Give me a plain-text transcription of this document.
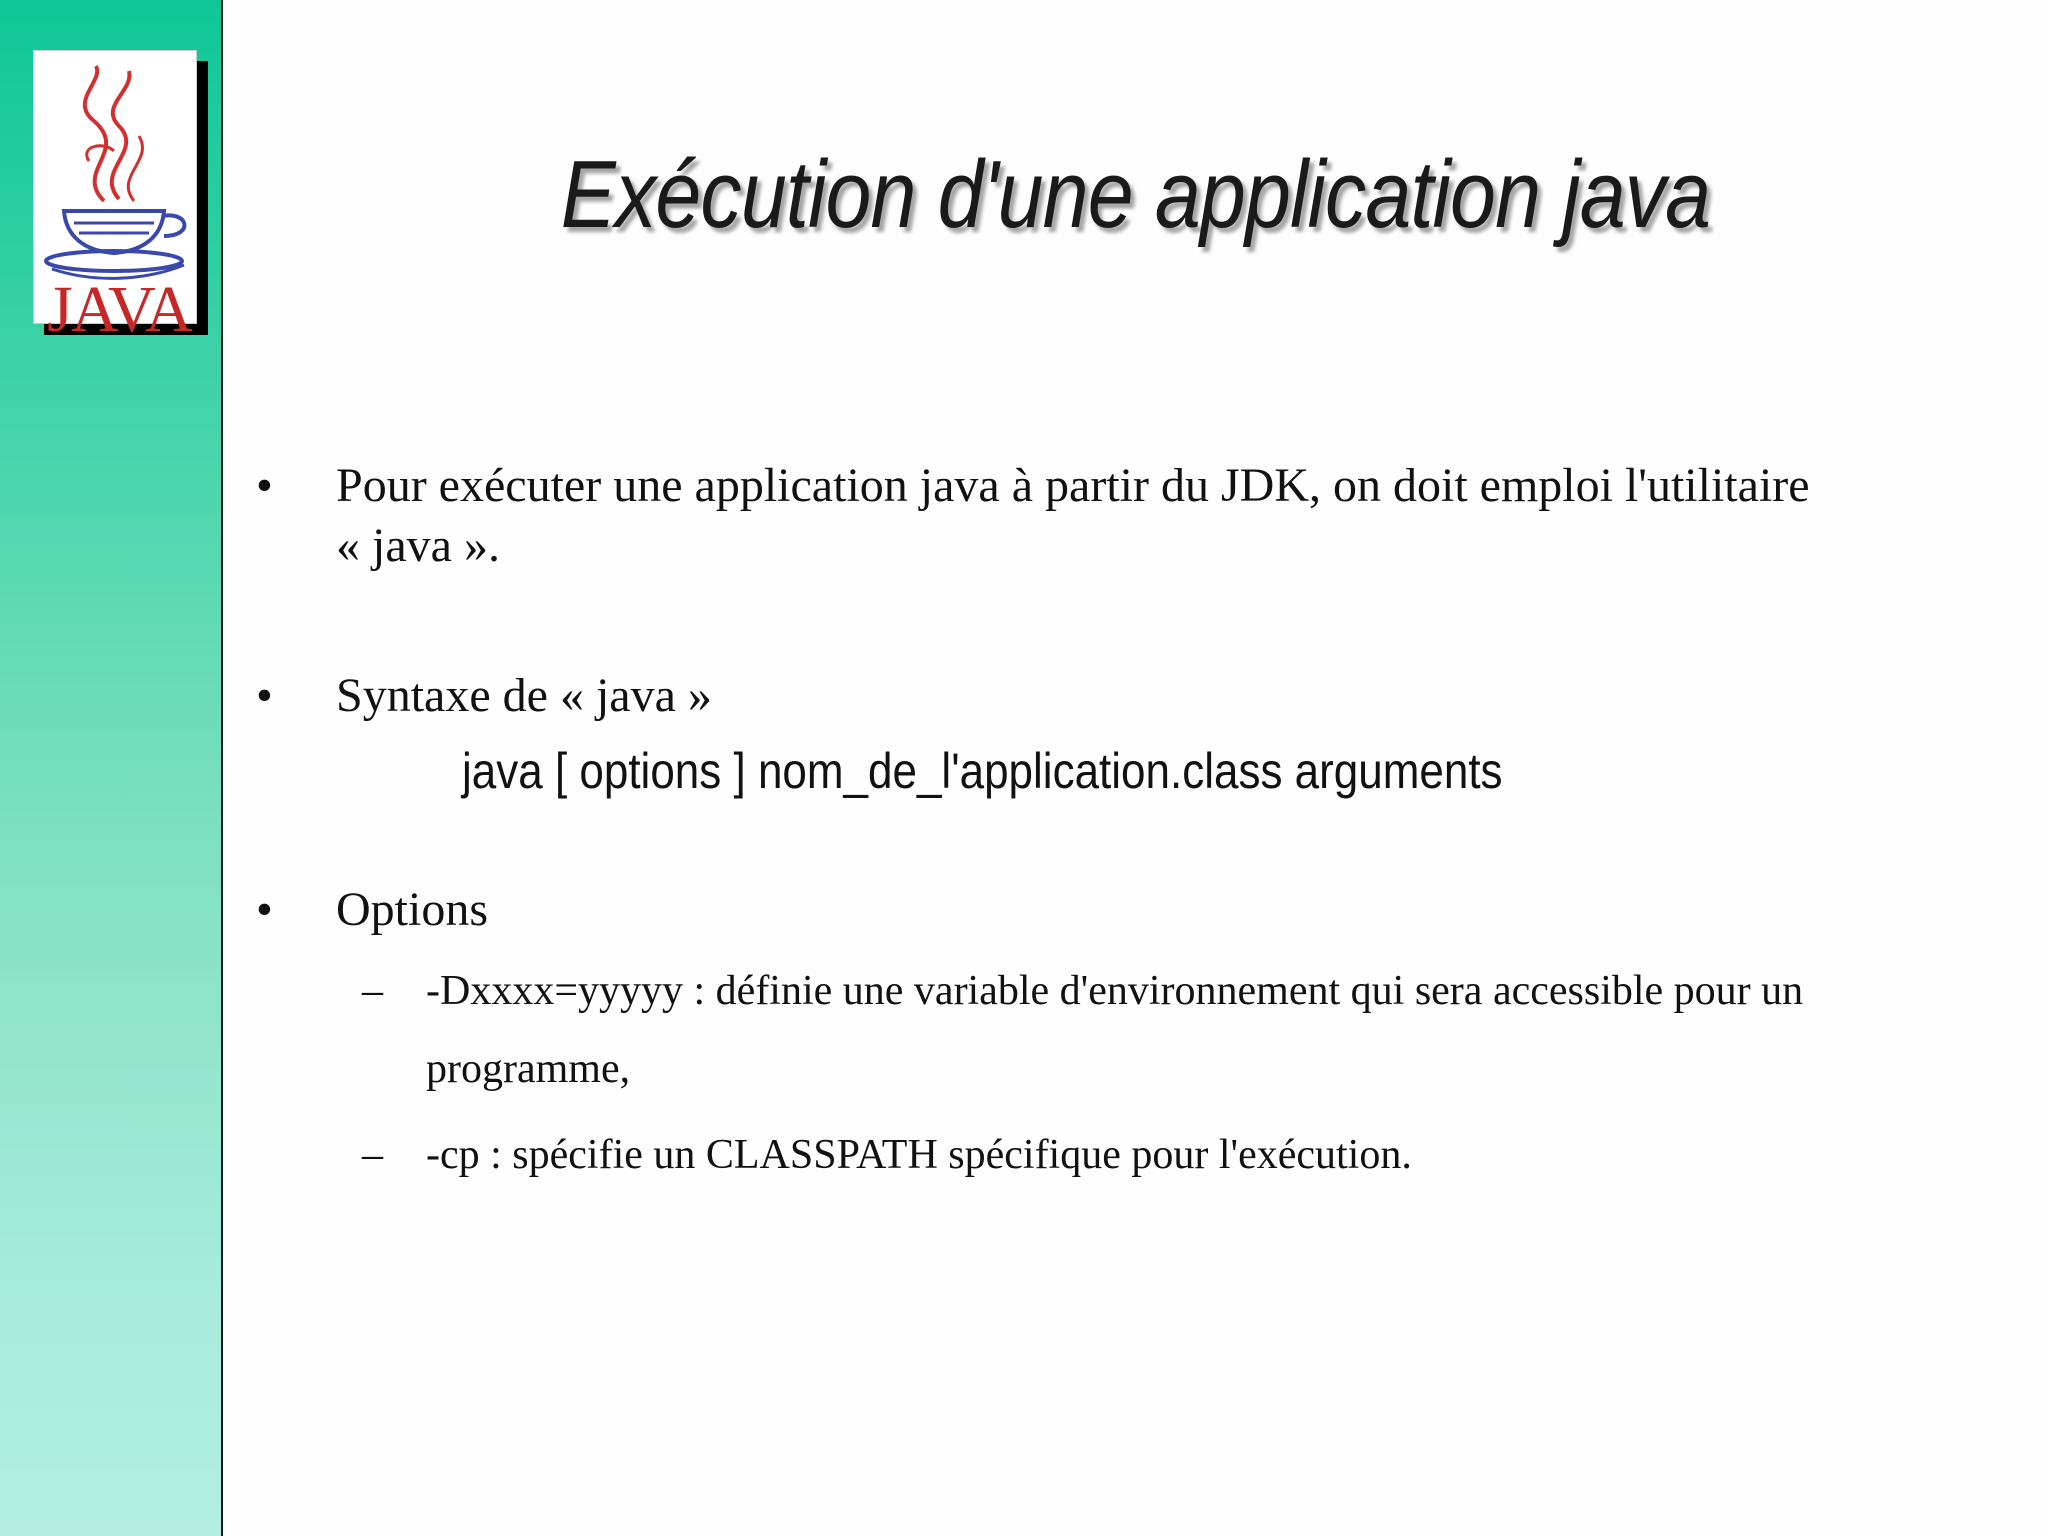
JAVA
Exécution d'une application java
• Pour exécuter une application java à partir du JDK, on doit emploi l'utilitaire « java ».
• Syntaxe de « java »
java [ options ] nom_de_l'application.class arguments
• Options
– -Dxxxx=yyyyy : définie une variable d'environnement qui sera accessible pour un programme,
– -cp : spécifie un CLASSPATH spécifique pour l'exécution.
